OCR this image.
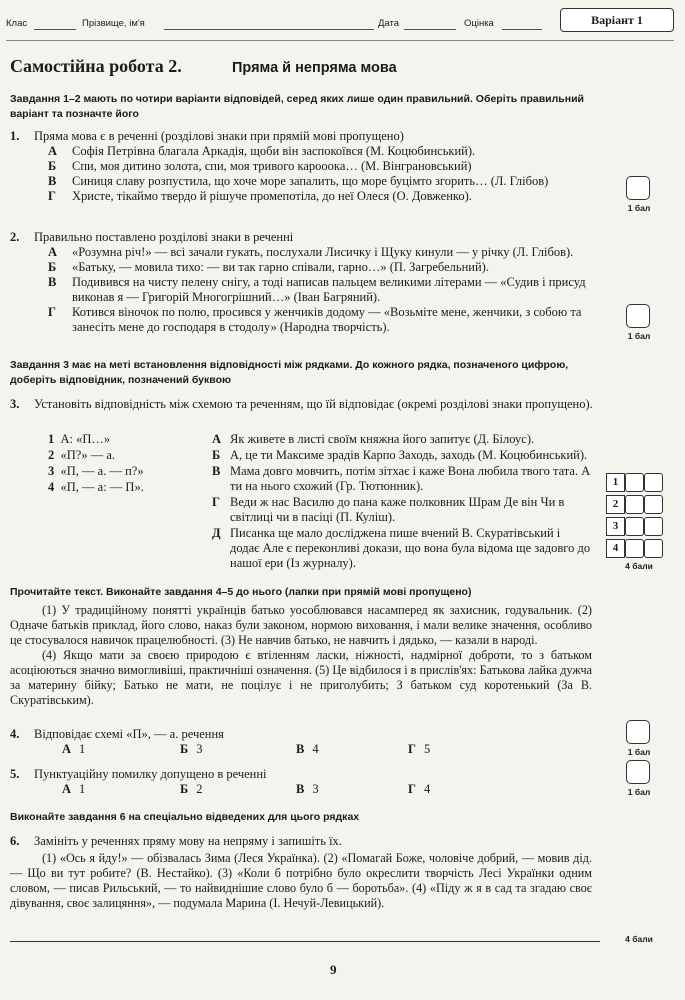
Клас	Прізвище, ім'я	Дата	Оцінка	Варіант 1
Самостійна робота 2.	Пряма й непряма мова
Завдання 1–2 мають по чотири варіанти відповідей, серед яких лише один правильний. Оберіть правильний варіант та позначте його
1. Пряма мова є в реченні (розділові знаки при прямій мові пропущено)
А	Софія Петрівна благала Аркадія, щоби він заспокоївся (М. Коцюбинський).
Б	Спи, моя дитино золота, спи, моя тривого карооока… (М. Вінграновський)
В	Синиця славу розпустила, що хоче море запалить, що море буцімто згорить… (Л. Глібов)
Г	Христе, тікаймо твердо й рішуче промепотіла, до неї Олеся (О. Довженко).
1 бал
2. Правильно поставлено розділові знаки в реченні
А	«Розумна річ!» — всі зачали гукать, послухали Лисичку і Щуку кинули — у річку (Л. Глібов).
Б	«Батьку, — мовила тихо: — ви так гарно співали, гарно…» (П. Загребельний).
В	Подивився на чисту пелену снігу, а тоді написав пальцем великими літерами — «Судив і присуд виконав я — Григорій Многогрішний…» (Іван Багряний).
Г	Котився віночок по полю, просився у женчиків додому — «Возьміте мене, женчики, з собою та занесіть мене до господаря в стодолу» (Народна творчість).
1 бал
Завдання 3 має на меті встановлення відповідності між рядками. До кожного рядка, позначеного цифрою, доберіть відповідник, позначений буквою
3. Установіть відповідність між схемою та реченням, що їй відповідає (окремі розділові знаки пропущено).
1 А: «П…»
2 «П?» — а.
3 «П, — а. — п?»
4 «П, — а: — П».
А Як живете в листі своїм княжна його запитує (Д. Білоус).
Б А, це ти Максиме зрадів Карпо Заходь, заходь (М. Коцюбинський).
В Мама довго мовчить, потім зітхає і каже Вона любила твого тата. А ти на нього схожий (Гр. Тютюнник).
Г Веди ж нас Василю до пана каже полковник Шрам Де він Чи в світлиці чи в пасіці (П. Куліш).
Д Писанка ще мало досліджена пише вчений В. Скуратівський і додає Але є переконливі докази, що вона була відома ще задовго до нашої ери (Із журналу).
1
2
3
4
4 бали
Прочитайте текст. Виконайте завдання 4–5 до нього (лапки при прямій мові пропущено)

(1) У традиційному понятті українців батько уособлювався насамперед як захисник, годувальник. (2) Одначе батьків приклад, його слово, наказ були законом, нормою виховання, і мали велике значення, особливо це стосувалося навичок працелюбності. (3) Не навчив батько, не навчить і дядько, — казали в народі.

(4) Якщо мати за своєю природою є втіленням ласки, ніжності, надмірної доброти, то з батьком асоціюються значно вимогливіші, практичніші означення. (5) Це відбилося і в прислів'ях: Батькова лайка дужча за материну бійку; Батько не мати, не поцілує і не приголубить; З батьком суд коротенький (За В. Скуратівським).

4. Відповідає схемі «П», — а. речення
А 1	Б 3	В 4	Г 5	1 бал
5. Пунктуаційну помилку допущено в реченні
А 1	Б 2	В 3	Г 4	1 бал
Виконайте завдання 6 на спеціально відведених для цього рядках
6. Замініть у реченнях пряму мову на непряму і запишіть їх.

(1) «Ось я йду!» — обізвалась Зима (Леся Українка). (2) «Помагай Боже, чоловіче добрий, — мовив дід. — Що ви тут робите? (В. Нестайко). (3) «Коли б потрібно було окреслити творчість Лесі Українки одним словом, — писав Рильський, — то найвиднішие слово було б — боротьба». (4) «Піду ж я в сад та згадаю своє дівування, своє залицяння», — подумала Марина (І. Нечуй-Левицький).

4 бали
9
